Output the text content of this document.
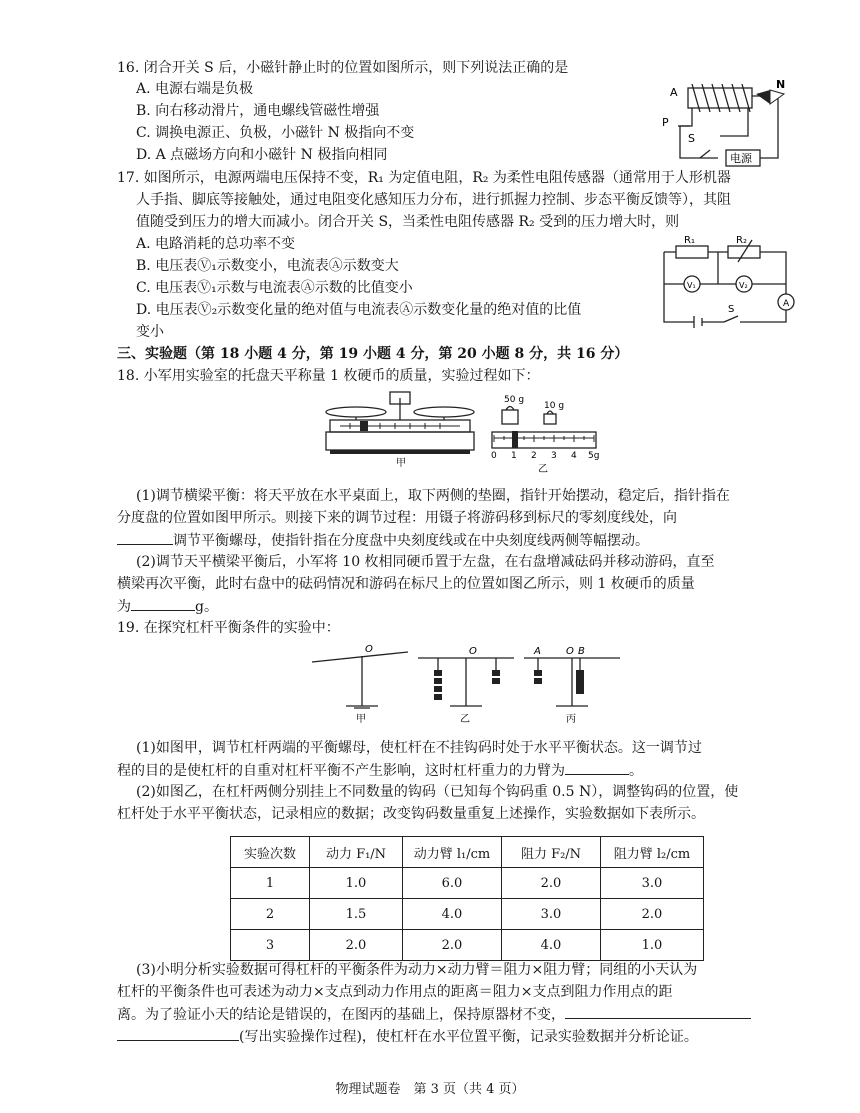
16. 闭合开关 S 后，小磁针静止时的位置如图所示，则下列说法正确的是
A. 电源右端是负极
B. 向右移动滑片，通电螺线管磁性增强
C. 调换电源正、负极，小磁针 N 极指向不变
D. A 点磁场方向和小磁针 N 极指向相同
A
N
P
S
电源
17. 如图所示，电源两端电压保持不变，R₁ 为定值电阻，R₂ 为柔性电阻传感器（通常用于人形机器
人手指、脚底等接触处，通过电阻变化感知压力分布，进行抓握力控制、步态平衡反馈等），其阻
值随受到压力的增大而减小。闭合开关 S，当柔性电阻传感器 R₂ 受到的压力增大时，则
A. 电路消耗的总功率不变
B. 电压表Ⓥ₁示数变小，电流表Ⓐ示数变大
C. 电压表Ⓥ₁示数与电流表Ⓐ示数的比值变小
D. 电压表Ⓥ₂示数变化量的绝对值与电流表Ⓐ示数变化量的绝对值的比值
变小
R₁	R₂
V₁	V₂
A
S
三、实验题（第 18 小题 4 分，第 19 小题 4 分，第 20 小题 8 分，共 16 分）
18. 小军用实验室的托盘天平称量 1 枚硬币的质量，实验过程如下：
甲
50 g
10 g
0 1 2 3 4 5g
乙
(1)调节横梁平衡：将天平放在水平桌面上，取下两侧的垫圈，指针开始摆动，稳定后，指针指在
分度盘的位置如图甲所示。则接下来的调节过程：用镊子将游码移到标尺的零刻度线处，向
调节平衡螺母，使指针指在分度盘中央刻度线或在中央刻度线两侧等幅摆动。
(2)调节天平横梁平衡后，小军将 10 枚相同硬币置于左盘，在右盘增减砝码并移动游码，直至
横梁再次平衡，此时右盘中的砝码情况和游码在标尺上的位置如图乙所示，则 1 枚硬币的质量
为	g。
19. 在探究杠杆平衡条件的实验中：
O	O	A	O B
甲	乙	丙
(1)如图甲，调节杠杆两端的平衡螺母，使杠杆在不挂钩码时处于水平平衡状态。这一调节过
程的目的是使杠杆的自重对杠杆平衡不产生影响，这时杠杆重力的力臂为	。
(2)如图乙，在杠杆两侧分别挂上不同数量的钩码（已知每个钩码重 0.5 N），调整钩码的位置，使
杠杆处于水平平衡状态，记录相应的数据；改变钩码数量重复上述操作，实验数据如下表所示。
实验次数	动力 F₁/N	动力臂 l₁/cm	阻力 F₂/N	阻力臂 l₂/cm
1	1.0	6.0	2.0	3.0
2	1.5	4.0	3.0	2.0
3	2.0	2.0	4.0	1.0
(3)小明分析实验数据可得杠杆的平衡条件为动力×动力臂＝阻力×阻力臂；同组的小天认为
杠杆的平衡条件也可表述为动力×支点到动力作用点的距离＝阻力×支点到阻力作用点的距
离。为了验证小天的结论是错误的，在图丙的基础上，保持原器材不变，
(写出实验操作过程)，使杠杆在水平位置平衡，记录实验数据并分析论证。
物理试题卷　第 3 页（共 4 页）
